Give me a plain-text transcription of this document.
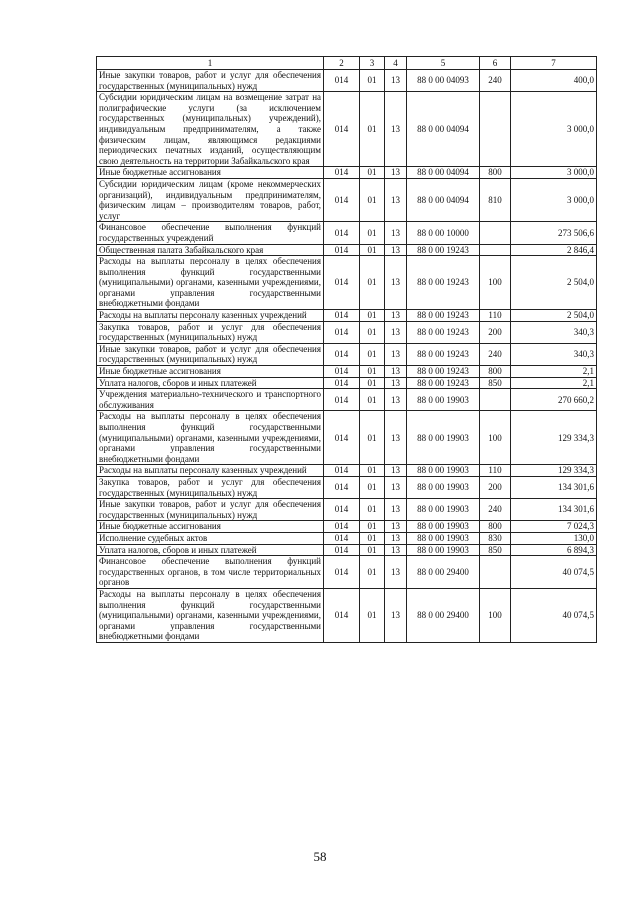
1	2	3	4	5	6	7
Иные закупки товаров, работ и услуг для обеспечения государственных (муниципальных) нужд	014	01	13	88 0 00 04093	240	400,0
Субсидии юридическим лицам на возмещение затрат на полиграфические услуги (за исключением государственных (муниципальных) учреждений), индивидуальным предпринимателям, а также физическим лицам, являющимся редакциями периодических печатных изданий, осуществляющим свою деятельность на территории Забайкальского края	014	01	13	88 0 00 04094		3 000,0
Иные бюджетные ассигнования	014	01	13	88 0 00 04094	800	3 000,0
Субсидии юридическим лицам (кроме некоммерческих организаций), индивидуальным предпринимателям, физическим лицам – производителям товаров, работ, услуг	014	01	13	88 0 00 04094	810	3 000,0
Финансовое обеспечение выполнения функций государственных учреждений	014	01	13	88 0 00 10000		273 506,6
Общественная палата Забайкальского края	014	01	13	88 0 00 19243		2 846,4
Расходы на выплаты персоналу в целях обеспечения выполнения функций государственными (муниципальными) органами, казенными учреждениями, органами управления государственными внебюджетными фондами	014	01	13	88 0 00 19243	100	2 504,0
Расходы на выплаты персоналу казенных учреждений	014	01	13	88 0 00 19243	110	2 504,0
Закупка товаров, работ и услуг для обеспечения государственных (муниципальных) нужд	014	01	13	88 0 00 19243	200	340,3
Иные закупки товаров, работ и услуг для обеспечения государственных (муниципальных) нужд	014	01	13	88 0 00 19243	240	340,3
Иные бюджетные ассигнования	014	01	13	88 0 00 19243	800	2,1
Уплата налогов, сборов и иных платежей	014	01	13	88 0 00 19243	850	2,1
Учреждения материально-технического и транспортного обслуживания	014	01	13	88 0 00 19903		270 660,2
Расходы на выплаты персоналу в целях обеспечения выполнения функций государственными (муниципальными) органами, казенными учреждениями, органами управления государственными внебюджетными фондами	014	01	13	88 0 00 19903	100	129 334,3
Расходы на выплаты персоналу казенных учреждений	014	01	13	88 0 00 19903	110	129 334,3
Закупка товаров, работ и услуг для обеспечения государственных (муниципальных) нужд	014	01	13	88 0 00 19903	200	134 301,6
Иные закупки товаров, работ и услуг для обеспечения государственных (муниципальных) нужд	014	01	13	88 0 00 19903	240	134 301,6
Иные бюджетные ассигнования	014	01	13	88 0 00 19903	800	7 024,3
Исполнение судебных актов	014	01	13	88 0 00 19903	830	130,0
Уплата налогов, сборов и иных платежей	014	01	13	88 0 00 19903	850	6 894,3
Финансовое обеспечение выполнения функций государственных органов, в том числе территориальных органов	014	01	13	88 0 00 29400		40 074,5
Расходы на выплаты персоналу в целях обеспечения выполнения функций государственными (муниципальными) органами, казенными учреждениями, органами управления государственными внебюджетными фондами	014	01	13	88 0 00 29400	100	40 074,5
58
